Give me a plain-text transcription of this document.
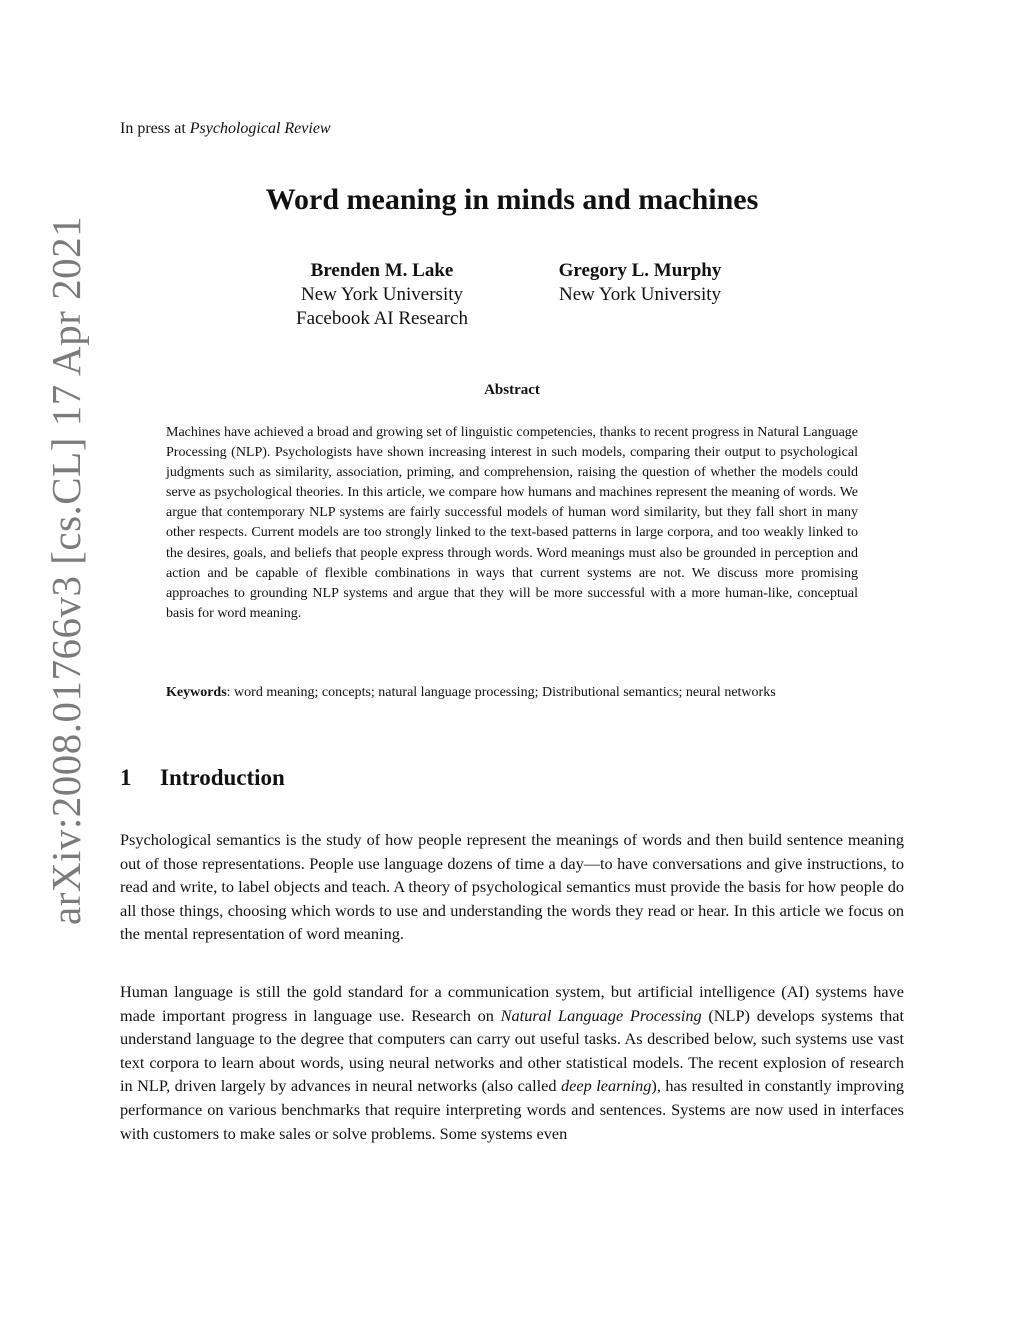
arXiv:2008.01766v3 [cs.CL] 17 Apr 2021
In press at Psychological Review
Word meaning in minds and machines
Brenden M. Lake
New York University
Facebook AI Research
Gregory L. Murphy
New York University
Abstract
Machines have achieved a broad and growing set of linguistic competencies, thanks to recent progress in Natural Language Processing (NLP). Psychologists have shown increasing interest in such models, comparing their output to psychological judgments such as similarity, association, priming, and comprehension, raising the question of whether the models could serve as psychological theories. In this article, we compare how humans and machines represent the meaning of words. We argue that contemporary NLP systems are fairly successful models of human word similarity, but they fall short in many other respects. Current models are too strongly linked to the text-based patterns in large corpora, and too weakly linked to the desires, goals, and beliefs that people express through words. Word meanings must also be grounded in perception and action and be capable of flexible combinations in ways that current systems are not. We discuss more promising approaches to grounding NLP systems and argue that they will be more successful with a more human-like, conceptual basis for word meaning.
Keywords: word meaning; concepts; natural language processing; Distributional semantics; neural networks
1 Introduction
Psychological semantics is the study of how people represent the meanings of words and then build sentence meaning out of those representations. People use language dozens of time a day—to have conversations and give instructions, to read and write, to label objects and teach. A theory of psychological semantics must provide the basis for how people do all those things, choosing which words to use and understanding the words they read or hear. In this article we focus on the mental representation of word meaning.
Human language is still the gold standard for a communication system, but artificial intelligence (AI) systems have made important progress in language use. Research on Natural Language Processing (NLP) develops systems that understand language to the degree that computers can carry out useful tasks. As described below, such systems use vast text corpora to learn about words, using neural networks and other statistical models. The recent explosion of research in NLP, driven largely by advances in neural networks (also called deep learning), has resulted in constantly improving performance on various benchmarks that require interpreting words and sentences. Systems are now used in interfaces with customers to make sales or solve problems. Some systems even
